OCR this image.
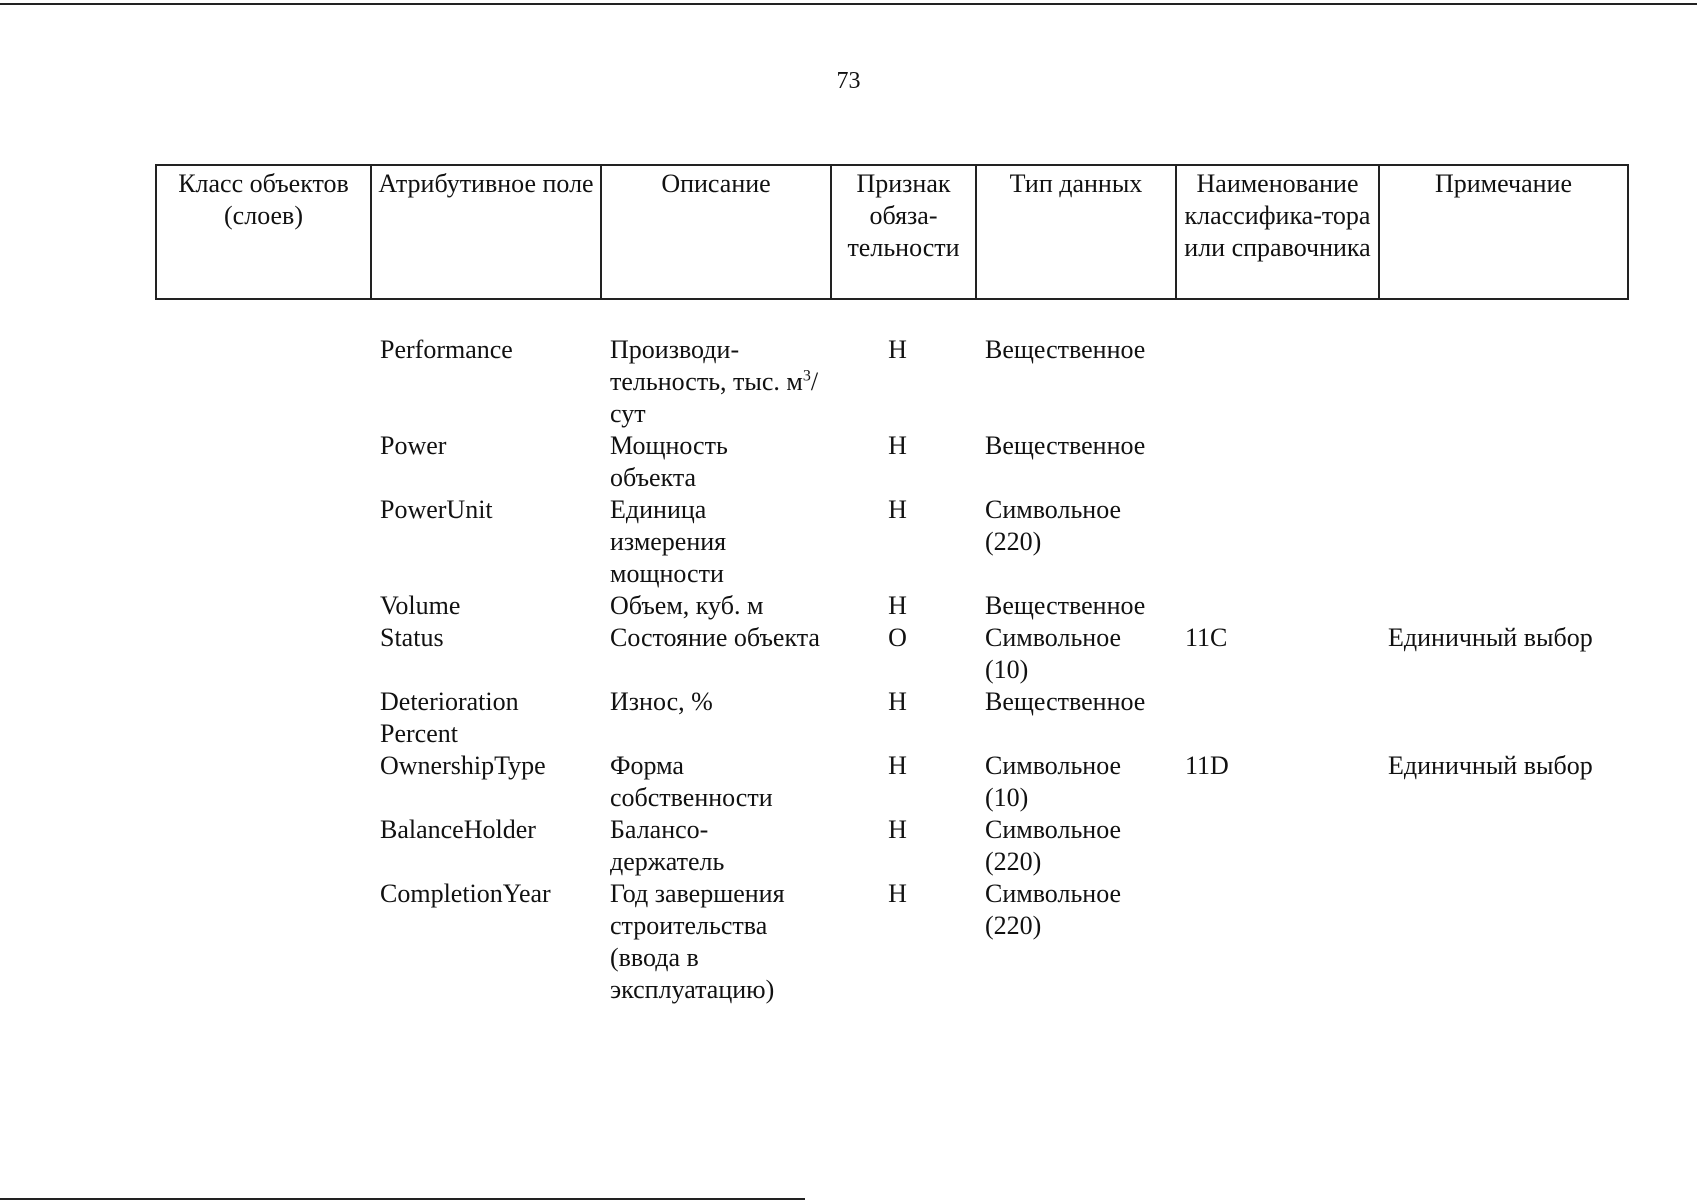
73
Класс объектов (слоев)	Атрибутивное поле	Описание	Признак обяза-тельности	Тип данных	Наименование классифика-тора или справочника	Примечание
	Performance	Производи-тельность, тыс. $м^3$/сут	Н	Вещественное		
	Power	Мощность объекта	Н	Вещественное		
	PowerUnit	Единица измерения мощности	Н	Символьное (220)		
	Volume	Объем, куб. м	Н	Вещественное		
	Status	Состояние объекта	О	Символьное (10)	11C	Единичный выбор
	Deterioration Percent	Износ, %	Н	Вещественное		
	OwnershipType	Форма собственности	Н	Символьное (10)	11D	Единичный выбор
	BalanceHolder	Балансо-держатель	Н	Символьное (220)		
	CompletionYear	Год завершения строительства (ввода в эксплуатацию)	Н	Символьное (220)		
